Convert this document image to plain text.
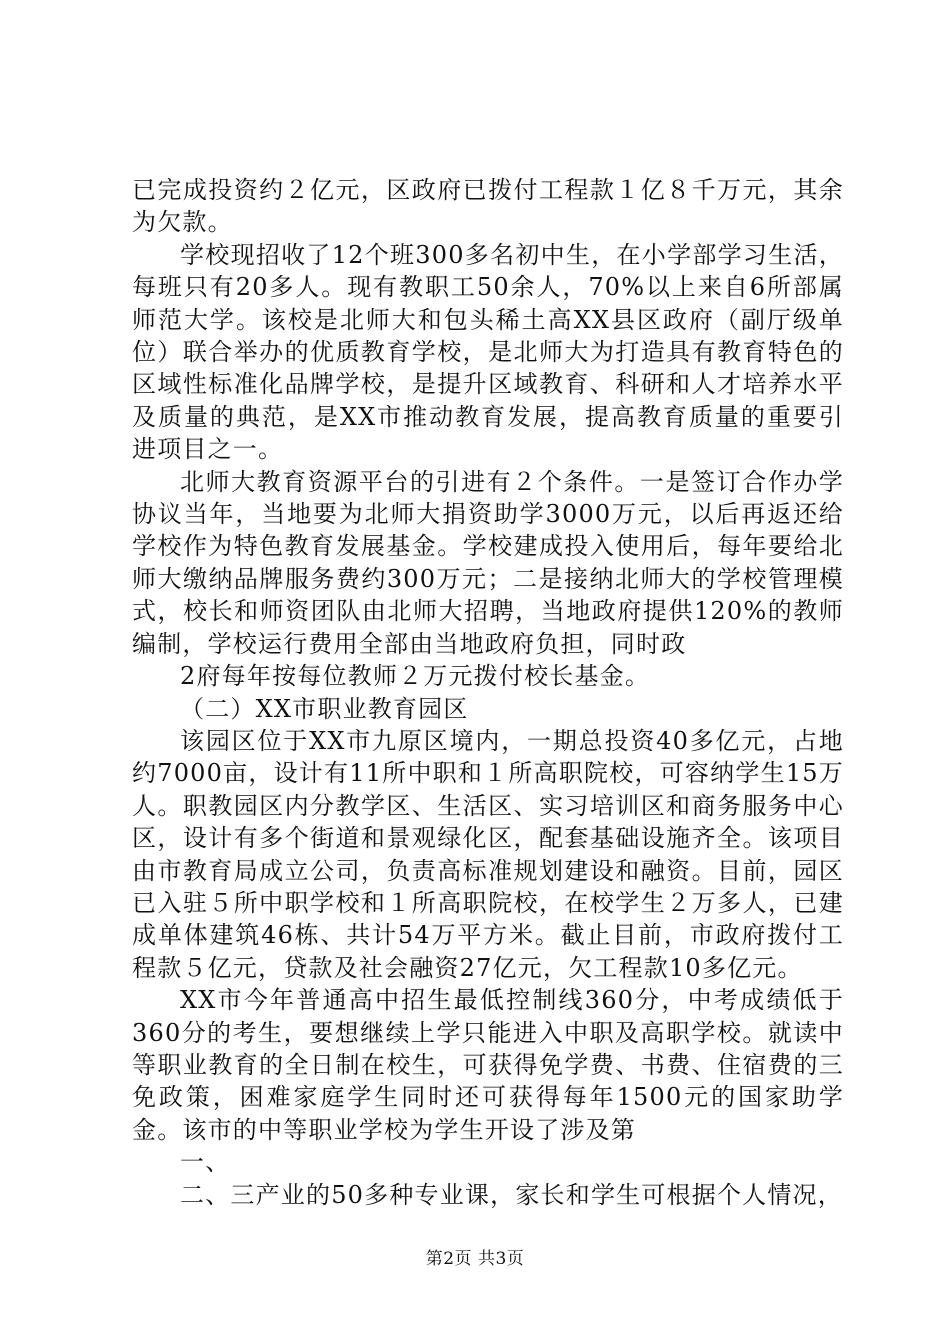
已完成投资约２亿元，区政府已拨付工程款１亿８千万元，其余为欠款。

学校现招收了12个班300多名初中生，在小学部学习生活，每班只有20多人。现有教职工50余人，70%以上来自6所部属师范大学。该校是北师大和包头稀土高XX县区政府（副厅级单位）联合举办的优质教育学校，是北师大为打造具有教育特色的区域性标准化品牌学校，是提升区域教育、科研和人才培养水平及质量的典范，是XX市推动教育发展，提高教育质量的重要引进项目之一。

北师大教育资源平台的引进有２个条件。一是签订合作办学协议当年，当地要为北师大捐资助学3000万元，以后再返还给学校作为特色教育发展基金。学校建成投入使用后，每年要给北师大缴纳品牌服务费约300万元；二是接纳北师大的学校管理模式，校长和师资团队由北师大招聘，当地政府提供120%的教师编制，学校运行费用全部由当地政府负担，同时政

2府每年按每位教师２万元拨付校长基金。

（二）XX市职业教育园区

该园区位于XX市九原区境内，一期总投资40多亿元，占地约7000亩，设计有11所中职和１所高职院校，可容纳学生15万人。职教园区内分教学区、生活区、实习培训区和商务服务中心区，设计有多个街道和景观绿化区，配套基础设施齐全。该项目由市教育局成立公司，负责高标准规划建设和融资。目前，园区已入驻５所中职学校和１所高职院校，在校学生２万多人，已建成单体建筑46栋、共计54万平方米。截止目前，市政府拨付工程款５亿元，贷款及社会融资27亿元，欠工程款10多亿元。

XX市今年普通高中招生最低控制线360分，中考成绩低于360分的考生，要想继续上学只能进入中职及高职学校。就读中等职业教育的全日制在校生，可获得免学费、书费、住宿费的三免政策，困难家庭学生同时还可获得每年1500元的国家助学金。该市的中等职业学校为学生开设了涉及第

一、

二、三产业的50多种专业课，家长和学生可根据个人情况，

第2页 共3页
